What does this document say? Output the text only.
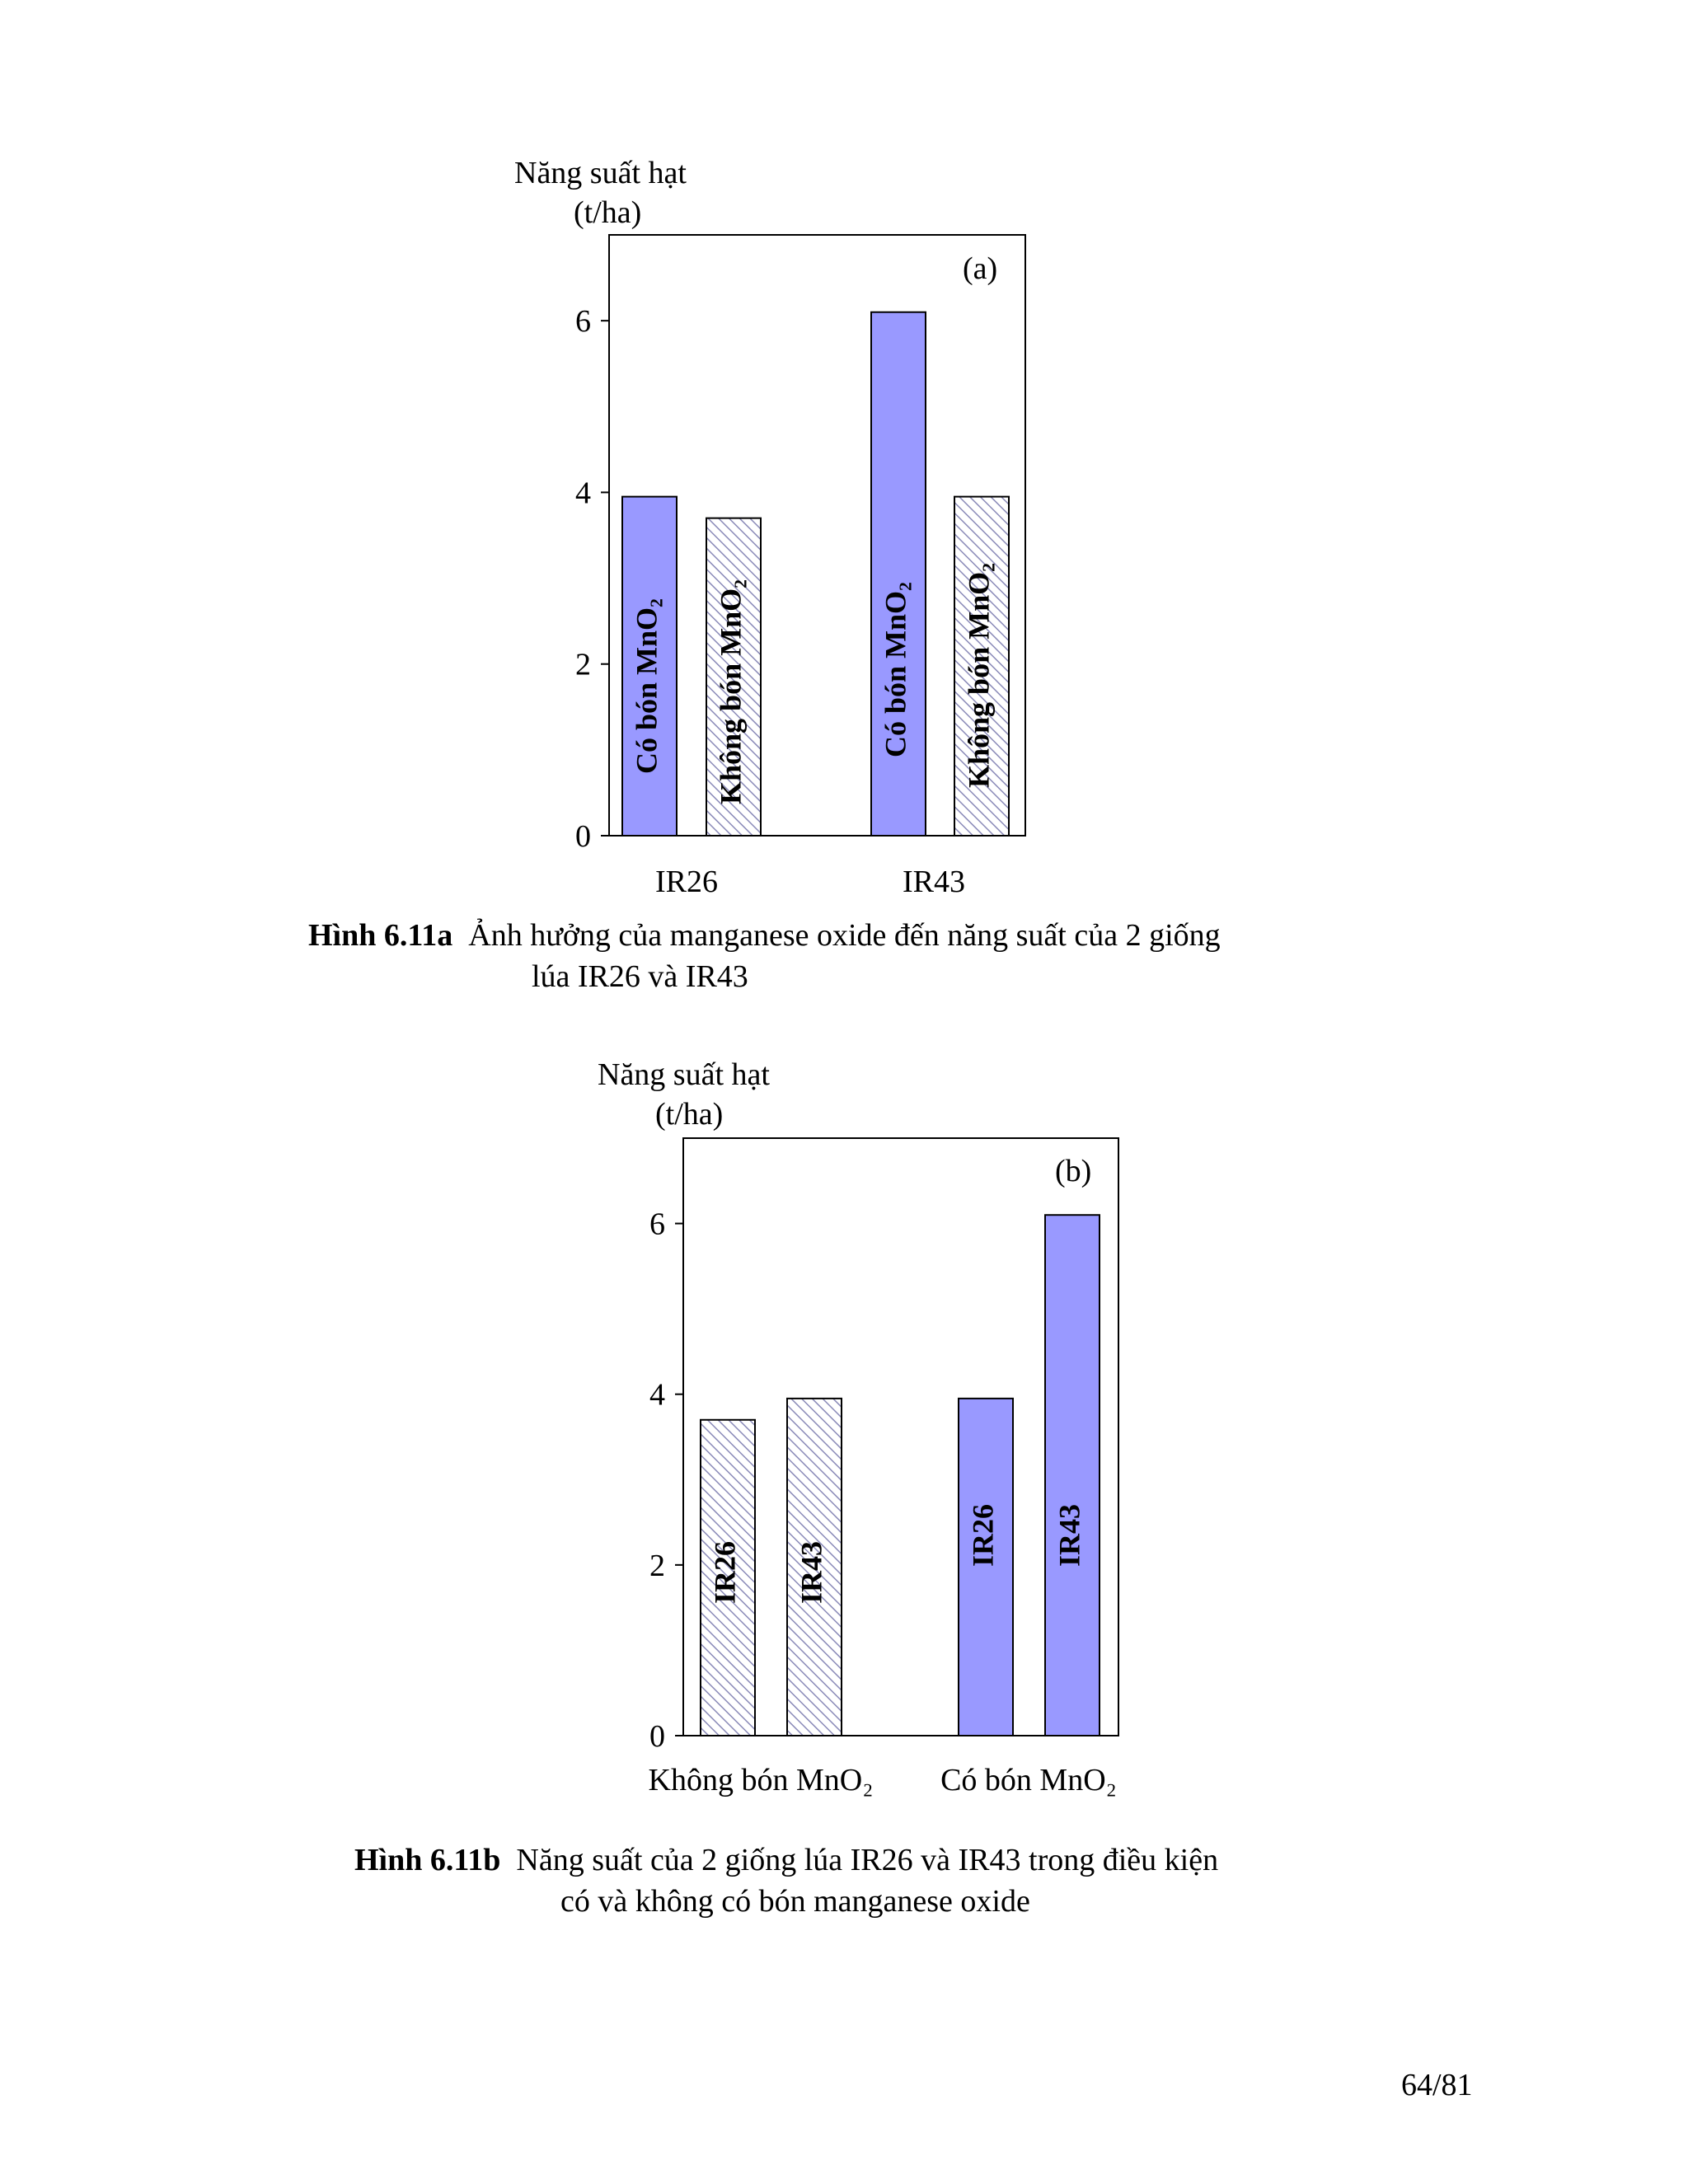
Năng suất hạt
(t/ha)
(a)
0
2
4
6
Có bón MnO₂ Không bón MnO₂	Có bón MnO₂ Không bón MnO₂
IR26	IR43
Năng suất hạt
(t/ha)
(b)
0
2
4
6
IR26 IR43
IR26 IR43
Không bón MnO₂ Có bón MnO₂
Hình 6.11a Ảnh hưởng của manganese oxide đến năng suất của 2 giống
lúa IR26 và IR43
Hình 6.11b Năng suất của 2 giống lúa IR26 và IR43 trong điều kiện
có và không có bón manganese oxide
64/81
